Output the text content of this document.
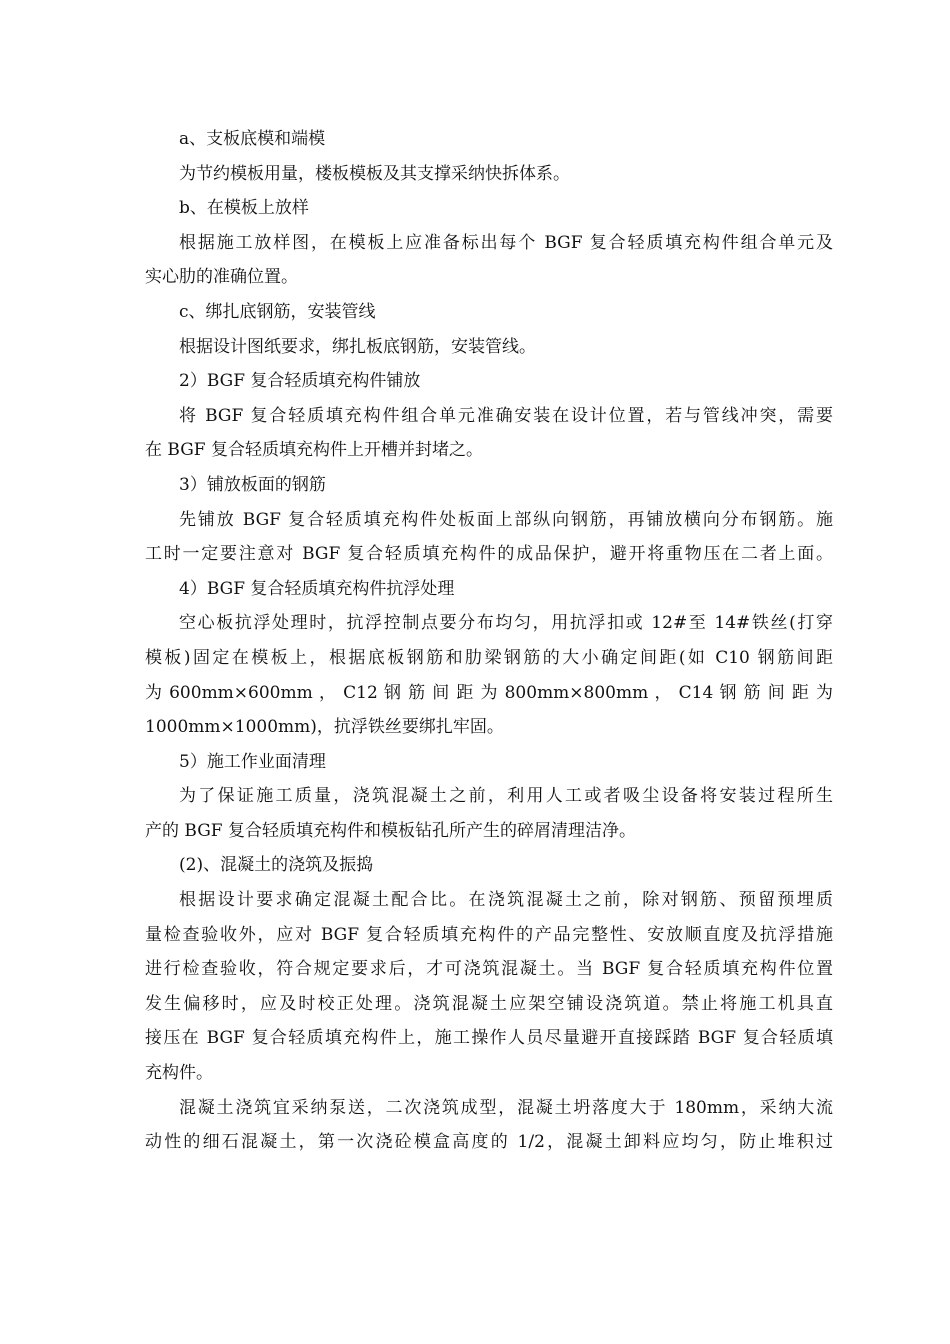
a、支板底模和端模
为节约模板用量，楼板模板及其支撑采纳快拆体系。
b、在模板上放样
根据施工放样图，在模板上应准备标出每个 BGF 复合轻质填充构件组合单元及
实心肋的准确位置。
c、绑扎底钢筋，安装管线
根据设计图纸要求，绑扎板底钢筋，安装管线。
2）BGF 复合轻质填充构件铺放
将 BGF 复合轻质填充构件组合单元准确安装在设计位置，若与管线冲突，需要
在 BGF 复合轻质填充构件上开槽并封堵之。
3）铺放板面的钢筋
先铺放 BGF 复合轻质填充构件处板面上部纵向钢筋，再铺放横向分布钢筋。施
工时一定要注意对 BGF 复合轻质填充构件的成品保护，避开将重物压在二者上面。
4）BGF 复合轻质填充构件抗浮处理
空心板抗浮处理时，抗浮控制点要分布均匀，用抗浮扣或 12#至 14#铁丝(打穿
模板)固定在模板上，根据底板钢筋和肋梁钢筋的大小确定间距(如 C10 钢筋间距
为 600mm×600mm ， C12 钢 筋 间 距 为 800mm×800mm ， C14 钢 筋 间 距 为
1000mm×1000mm)，抗浮铁丝要绑扎牢固。
5）施工作业面清理
为了保证施工质量，浇筑混凝土之前，利用人工或者吸尘设备将安装过程所生
产的 BGF 复合轻质填充构件和模板钻孔所产生的碎屑清理洁净。
(2)、混凝土的浇筑及振捣
根据设计要求确定混凝土配合比。在浇筑混凝土之前，除对钢筋、预留预埋质
量检查验收外，应对 BGF 复合轻质填充构件的产品完整性、安放顺直度及抗浮措施
进行检查验收，符合规定要求后，才可浇筑混凝土。当 BGF 复合轻质填充构件位置
发生偏移时，应及时校正处理。浇筑混凝土应架空铺设浇筑道。禁止将施工机具直
接压在 BGF 复合轻质填充构件上，施工操作人员尽量避开直接踩踏 BGF 复合轻质填
充构件。
混凝土浇筑宜采纳泵送，二次浇筑成型，混凝土坍落度大于 180mm，采纳大流
动性的细石混凝土，第一次浇砼模盒高度的 1/2，混凝土卸料应均匀，防止堆积过
